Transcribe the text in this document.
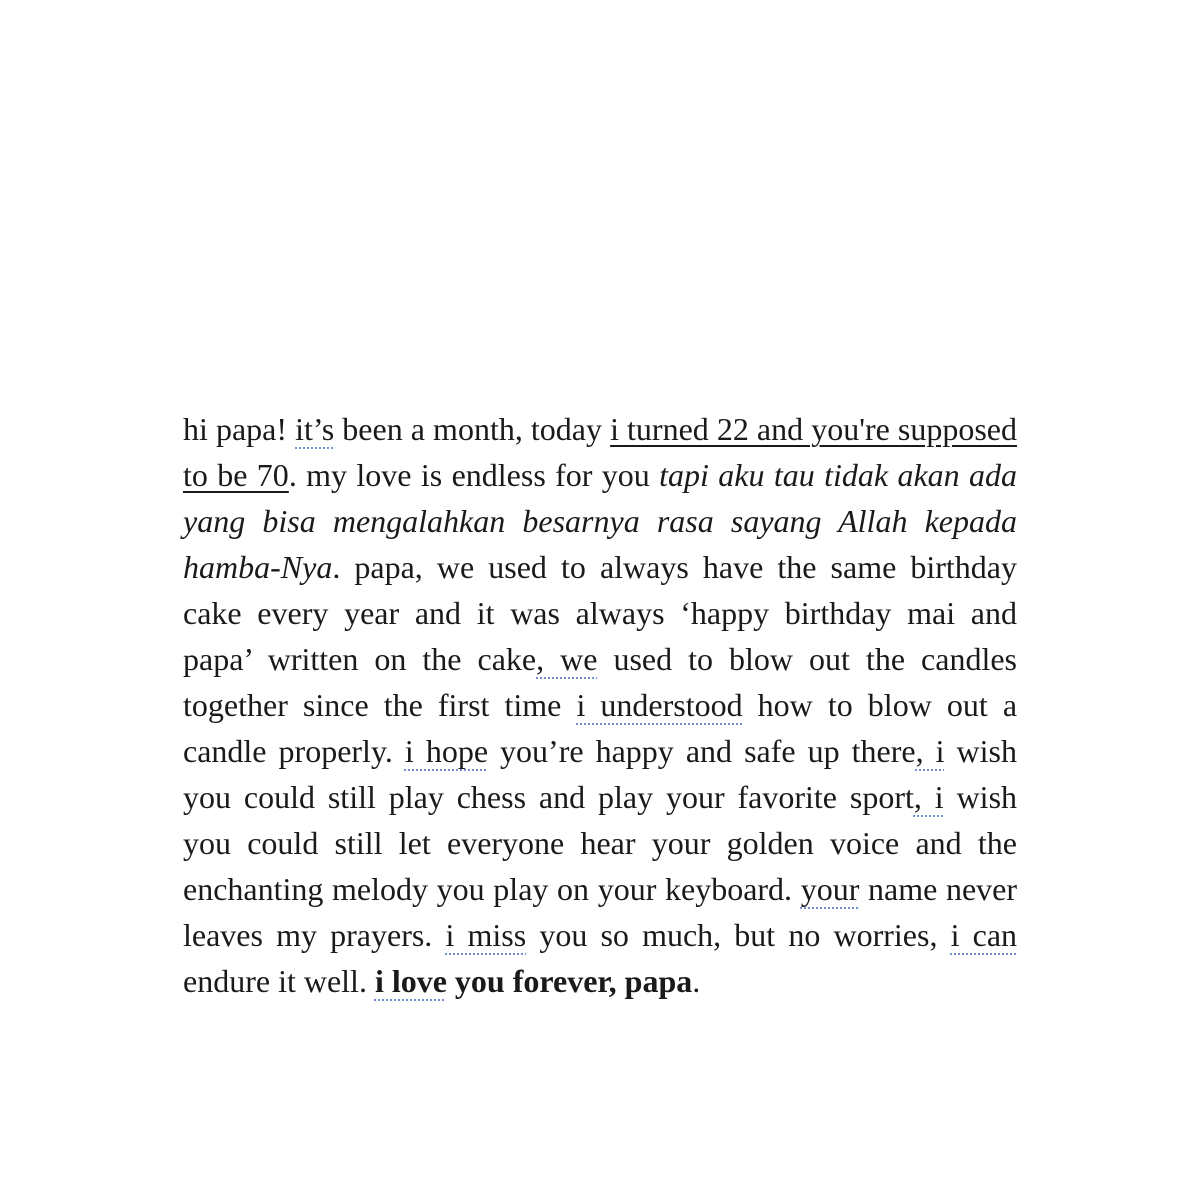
hi papa! it’s been a month, today i turned 22 and you're supposed to be 70. my love is endless for you tapi aku tau tidak akan ada yang bisa mengalahkan besarnya rasa sayang Allah kepada hamba-Nya. papa, we used to always have the same birthday cake every year and it was always ‘happy birthday mai and papa’ written on the cake, we used to blow out the candles together since the first time i understood how to blow out a candle properly. i hope you’re happy and safe up there, i wish you could still play chess and play your favorite sport, i wish you could still let everyone hear your golden voice and the enchanting melody you play on your keyboard. your name never leaves my prayers. i miss you so much, but no worries, i can endure it well. i love you forever, papa.
